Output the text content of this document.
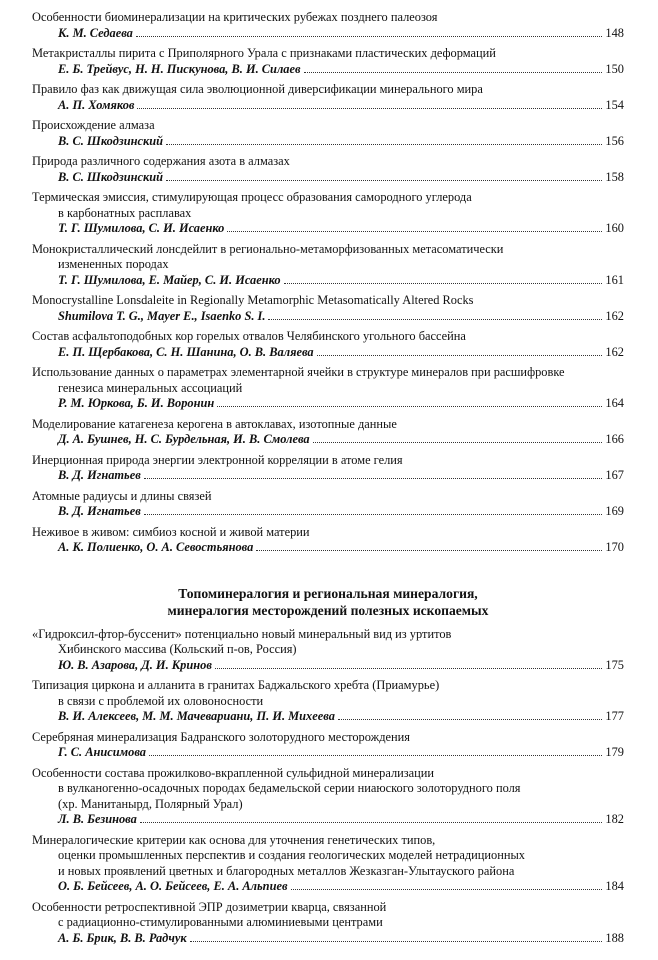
Особенности биоминерализации на критических рубежах позднего палеозоя
К. М. Седаева	148
Метакристаллы пирита с Приполярного Урала с признаками пластических деформаций
Е. Б. Трейвус, Н. Н. Пискунова, В. И. Силаев	150
Правило фаз как движущая сила эволюционной диверсификации минерального мира
А. П. Хомяков	154
Происхождение алмаза
В. С. Шкодзинский	156
Природа различного содержания азота в алмазах
В. С. Шкодзинский	158
Термическая эмиссия, стимулирующая процесс образования самородного углерода
в карбонатных расплавах
Т. Г. Шумилова, С. И. Исаенко	160
Монокристаллический лонсдейлит в регионально-метаморфизованных метасоматически
измененных породах
Т. Г. Шумилова, Е. Майер, С. И. Исаенко	161
Monocrystalline Lonsdaleite in Regionally Metamorphic Metasomatically Altered Rocks
Shumilova T. G., Mayer E., Isaenko S. I.	162
Состав асфальтоподобных кор горелых отвалов Челябинского угольного бассейна
Е. П. Щербакова, С. Н. Шанина, О. В. Валяева	162
Использование данных о параметрах элементарной ячейки в структуре минералов при расшифровке
генезиса минеральных ассоциаций
Р. М. Юркова, Б. И. Воронин	164
Моделирование катагенеза керогена в автоклавах, изотопные данные
Д. А. Бушнев, Н. С. Бурдельная, И. В. Смолева	166
Инерционная природа энергии электронной корреляции в атоме гелия
В. Д. Игнатьев	167
Атомные радиусы и длины связей
В. Д. Игнатьев	169
Неживое в живом: симбиоз косной и живой материи
А. К. Полиенко, О. А. Севостьянова	170
Топоминералогия и региональная минералогия,
минералогия месторождений полезных ископаемых
«Гидроксил-фтор-буссенит» потенциально новый минеральный вид из уртитов
Хибинского массива (Кольский п-ов, Россия)
Ю. В. Азарова, Д. И. Кринов	175
Типизация циркона и алланита в гранитах Баджальского хребта (Приамурье)
в связи с проблемой их оловоносности
В. И. Алексеев, М. М. Мачевариани, П. И. Михеева	177
Серебряная минерализация Бадранского золоторудного месторождения
Г. С. Анисимова	179
Особенности состава прожилково-вкрапленной сульфидной минерализации
в вулканогенно-осадочных породах бедамельской серии ниаюского золоторудного поля
(хр. Манитанырд, Полярный Урал)
Л. В. Безинова	182
Минералогические критерии как основа для уточнения генетических типов,
оценки промышленных перспектив и создания геологических моделей нетрадиционных
и новых проявлений цветных и благородных металлов Жезказган-Улытауского района
О. Б. Бейсеев, А. О. Бейсеев, Е. А. Альпиев	184
Особенности ретроспективной ЭПР дозиметрии кварца, связанной
с радиационно-стимулированными алюминиевыми центрами
А. Б. Брик, В. В. Радчук	188
